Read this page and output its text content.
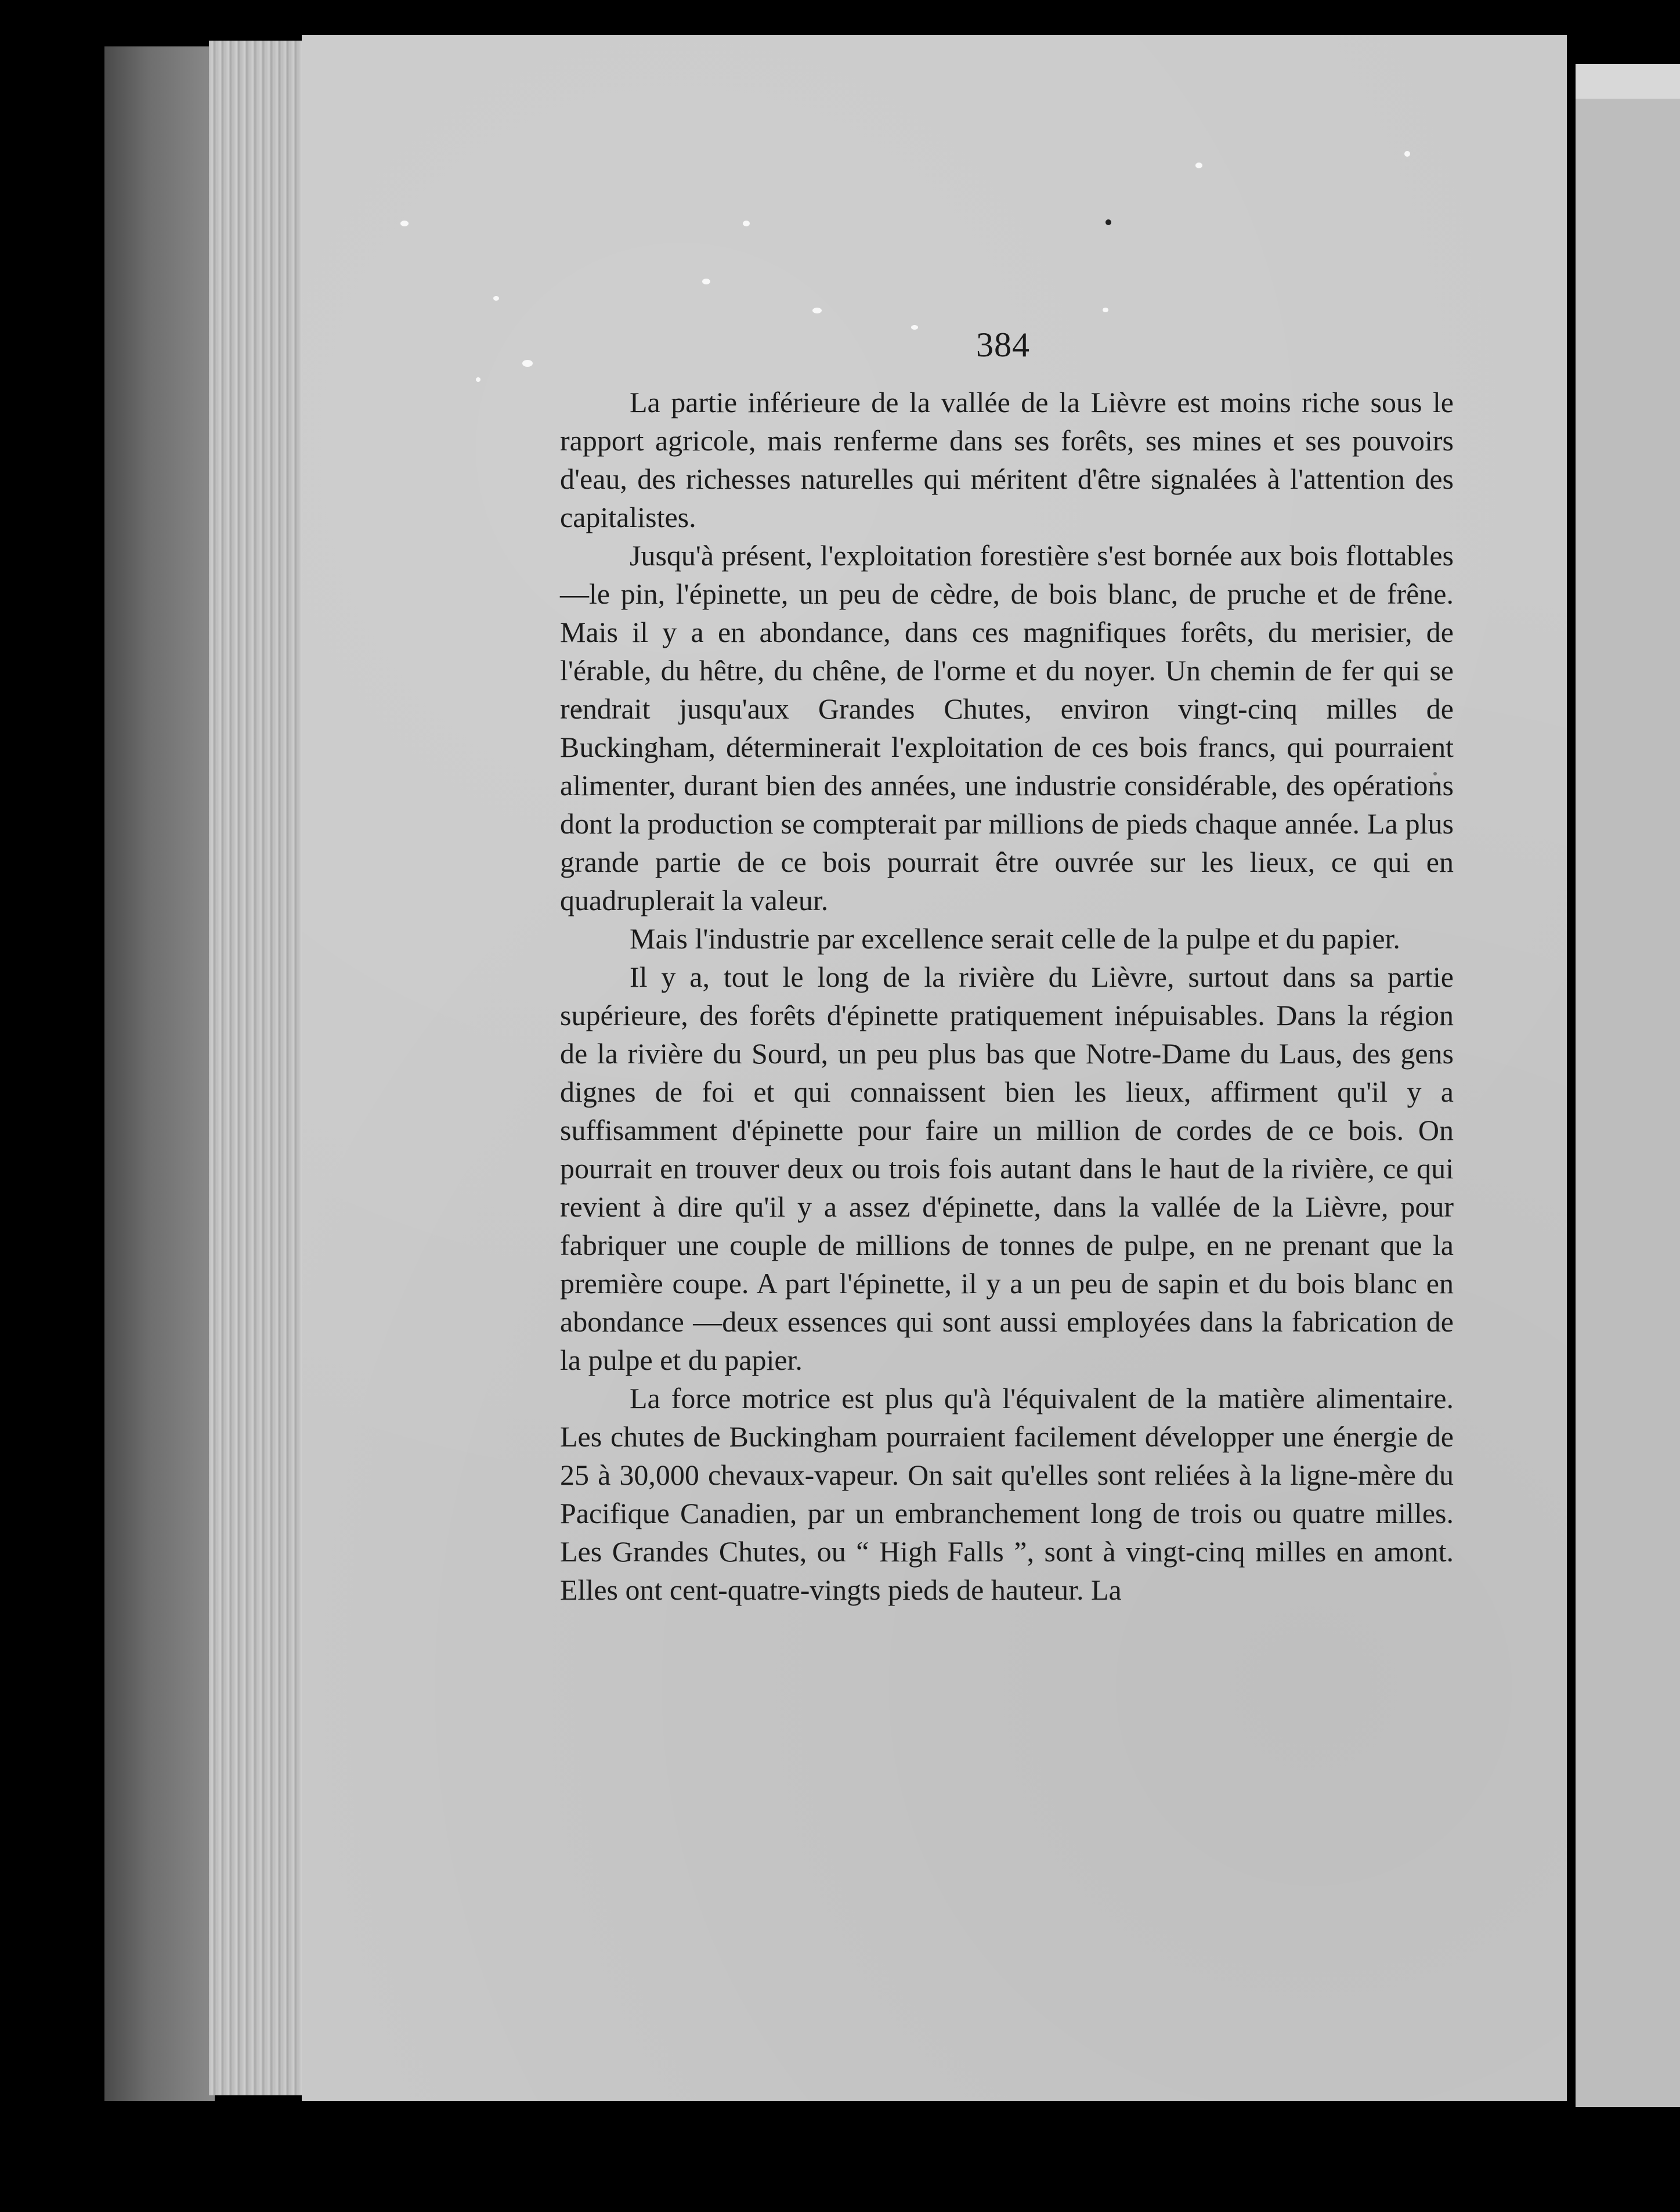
384

La partie inférieure de la vallée de la Lièvre est moins riche sous le rapport agricole, mais renferme dans ses forêts, ses mines et ses pouvoirs d'eau, des richesses naturelles qui méritent d'être signalées à l'attention des capitalistes.

Jusqu'à présent, l'exploitation forestière s'est bornée aux bois flottables—le pin, l'épinette, un peu de cèdre, de bois blanc, de pruche et de frêne. Mais il y a en abondance, dans ces magnifiques forêts, du merisier, de l'érable, du hêtre, du chêne, de l'orme et du noyer. Un chemin de fer qui se rendrait jusqu'aux Grandes Chutes, environ vingt-cinq milles de Buckingham, déterminerait l'exploitation de ces bois francs, qui pourraient alimenter, durant bien des années, une industrie considérable, des opérations dont la production se compterait par millions de pieds chaque année. La plus grande partie de ce bois pourrait être ouvrée sur les lieux, ce qui en quadruplerait la valeur.

Mais l'industrie par excellence serait celle de la pulpe et du papier.

Il y a, tout le long de la rivière du Lièvre, surtout dans sa partie supérieure, des forêts d'épinette pratiquement inépuisables. Dans la région de la rivière du Sourd, un peu plus bas que Notre-Dame du Laus, des gens dignes de foi et qui connaissent bien les lieux, affirment qu'il y a suffisamment d'épinette pour faire un million de cordes de ce bois. On pourrait en trouver deux ou trois fois autant dans le haut de la rivière, ce qui revient à dire qu'il y a assez d'épinette, dans la vallée de la Lièvre, pour fabriquer une couple de millions de tonnes de pulpe, en ne prenant que la première coupe. A part l'épinette, il y a un peu de sapin et du bois blanc en abondance —deux essences qui sont aussi employées dans la fabrication de la pulpe et du papier.

La force motrice est plus qu'à l'équivalent de la matière alimentaire. Les chutes de Buckingham pourraient facilement développer une énergie de 25 à 30,000 chevaux-vapeur. On sait qu'elles sont reliées à la ligne-mère du Pacifique Canadien, par un embranchement long de trois ou quatre milles. Les Grandes Chutes, ou “ High Falls ”, sont à vingt-cinq milles en amont. Elles ont cent-quatre-vingts pieds de hauteur. La
